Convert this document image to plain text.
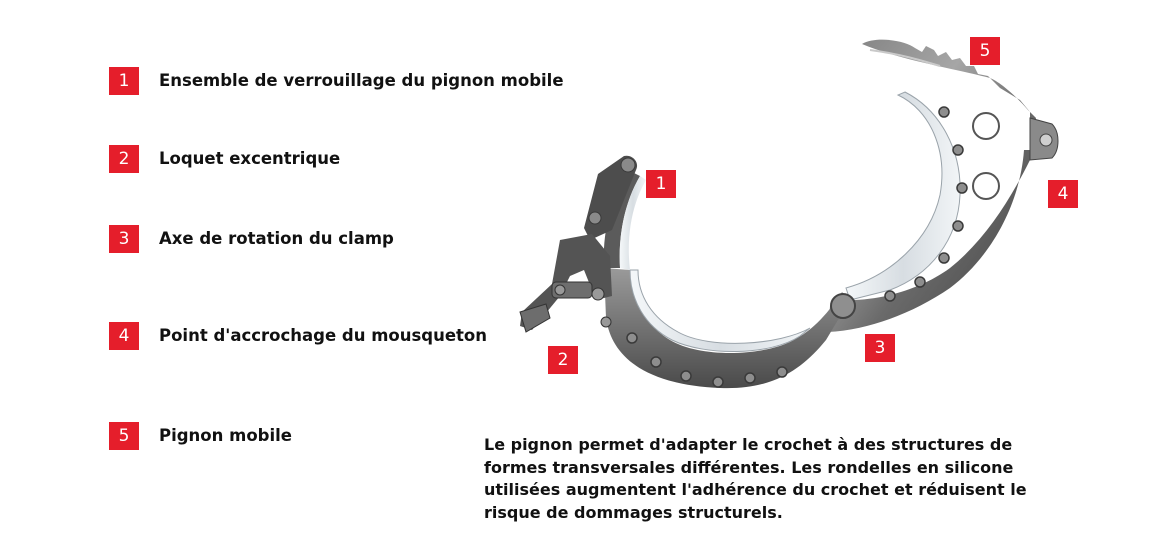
1	Ensemble de verrouillage du pignon mobile
2	Loquet excentrique
3	Axe de rotation du clamp
4	Point d'accrochage du mousqueton
5	Pignon mobile
1
2
3
4
5

Le pignon permet d'adapter le crochet à des structures de formes transversales différentes. Les rondelles en silicone utilisées augmentent l'adhérence du crochet et réduisent le risque de dommages structurels.
